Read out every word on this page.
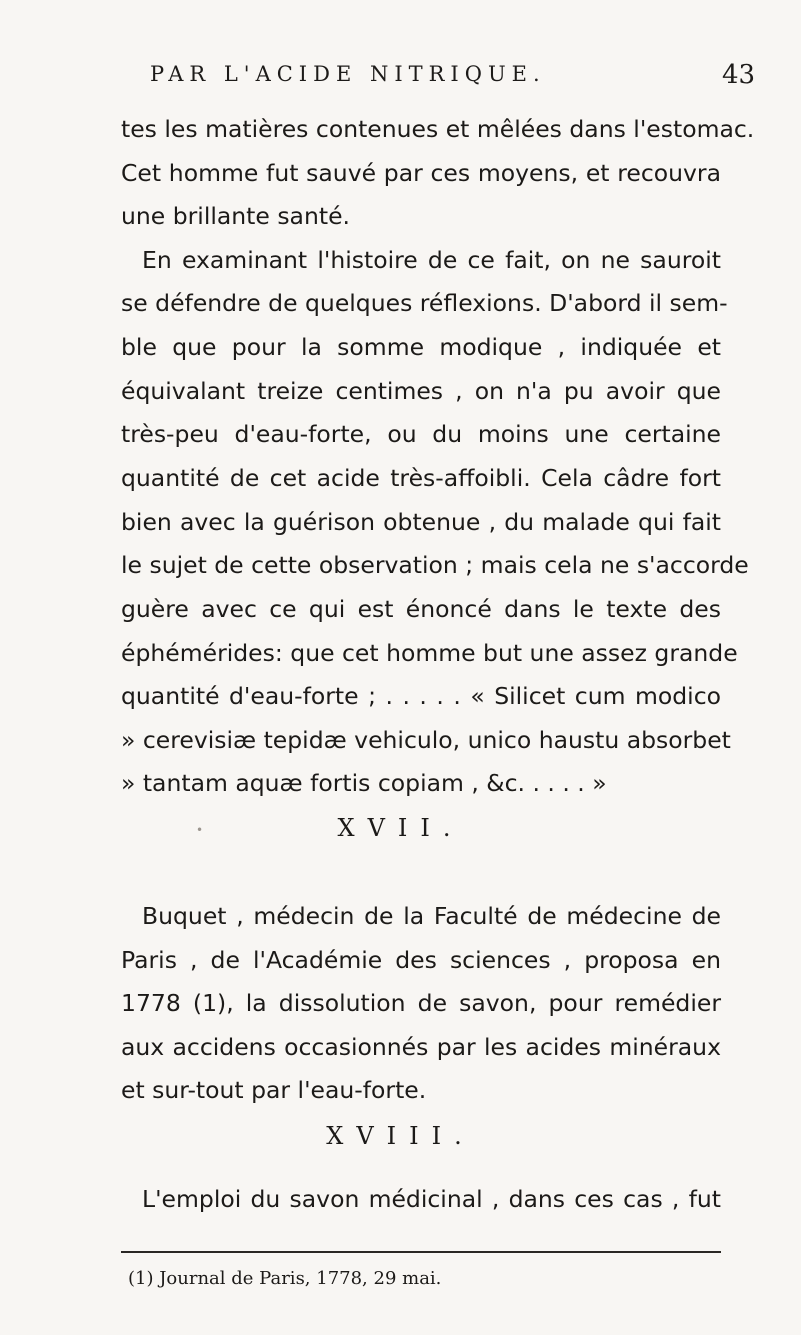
PAR L'ACIDE NITRIQUE.	43
tes les matières contenues et mêlées dans l'estomac.
Cet homme fut sauvé par ces moyens, et recouvra
une brillante santé.
En examinant l'histoire de ce fait, on ne sauroit
se défendre de quelques réflexions. D'abord il sem-
ble que pour la somme modique , indiquée et
équivalant treize centimes , on n'a pu avoir que
très-peu d'eau-forte, ou du moins une certaine
quantité de cet acide très-affoibli. Cela câdre fort
bien avec la guérison obtenue , du malade qui fait
le sujet de cette observation ; mais cela ne s'accorde
guère avec ce qui est énoncé dans le texte des
éphémérides: que cet homme but une assez grande
quantité d'eau-forte ; . . . . . « Silicet cum modico
» cerevisiæ tepidæ vehiculo, unico haustu absorbet
» tantam aquæ fortis copiam , &c. . . . . »
•	XVII.
Buquet , médecin de la Faculté de médecine de
Paris , de l'Académie des sciences , proposa en
1778 (1), la dissolution de savon, pour remédier
aux accidens occasionnés par les acides minéraux
et sur-tout par l'eau-forte.
XVIII.
L'emploi du savon médicinal , dans ces cas , fut
(1) Journal de Paris, 1778, 29 mai.
